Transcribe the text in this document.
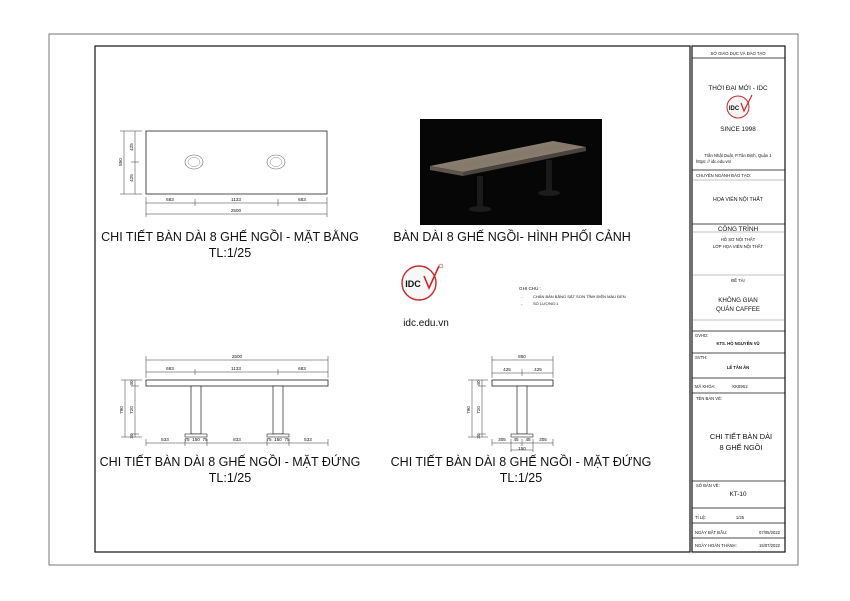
683	1133	683
2500
425
425
850
CHI TIẾT BÀN DÀI 8 GHẾ NGỒI - MẶT BẰNG
TL:1/25
BÀN DÀI 8 GHẾ NGỒI- HÌNH PHỐI CẢNH
IDC
idc.edu.vn
GHI CHÚ :
-	CHÂN BÀN BẰNG SẮT SƠN TĨNH ĐIỆN MÀU ĐEN
-	SỐ LƯỢNG:1
2500
683	1133	683
533	75 150 75	833	75 150 75	533
40
720
30
790
CHI TIẾT BÀN DÀI 8 GHẾ NGỒI - MẶT ĐỨNG
TL:1/25
850
425	425
305 45 45 305
150
40
720
30
790
CHI TIẾT BÀN DÀI 8 GHẾ NGỒI - MẶT ĐỨNG
TL:1/25
SỞ GIÁO DỤC VÀ ĐÀO TẠO
THỜI ĐẠI MỚI - IDC
IDC
SINCE 1998
Trần Nhật Duật, P.Tân Định, Quận 1
https: // idc.edu.vn/
CHUYÊN NGÀNH ĐÀO TẠO:
HỌA VIÊN NỘI THẤT
CÔNG TRÌNH
HỒ SƠ NỘI THẤT
LỚP HỌA VIÊN NỘI THẤT
ĐỀ TÀI
KHÔNG GIAN
QUÁN CAFFEE
GVHD:
KTS. HỒ NGUYÊN VŨ
SVTH:
LÊ TÂN ÂN
MÃ KHÓA:	KK09S2
TÊN BẢN VẼ:
CHI TIẾT BÀN DÀI
8 GHẾ NGỒI
SỐ BẢN VẼ:
KT-10
TỈ LỆ:	1/25
NGÀY BẮT ĐẦU:	07/05/2022
NGÀY HOÀN THÀNH:	15/07/2022
